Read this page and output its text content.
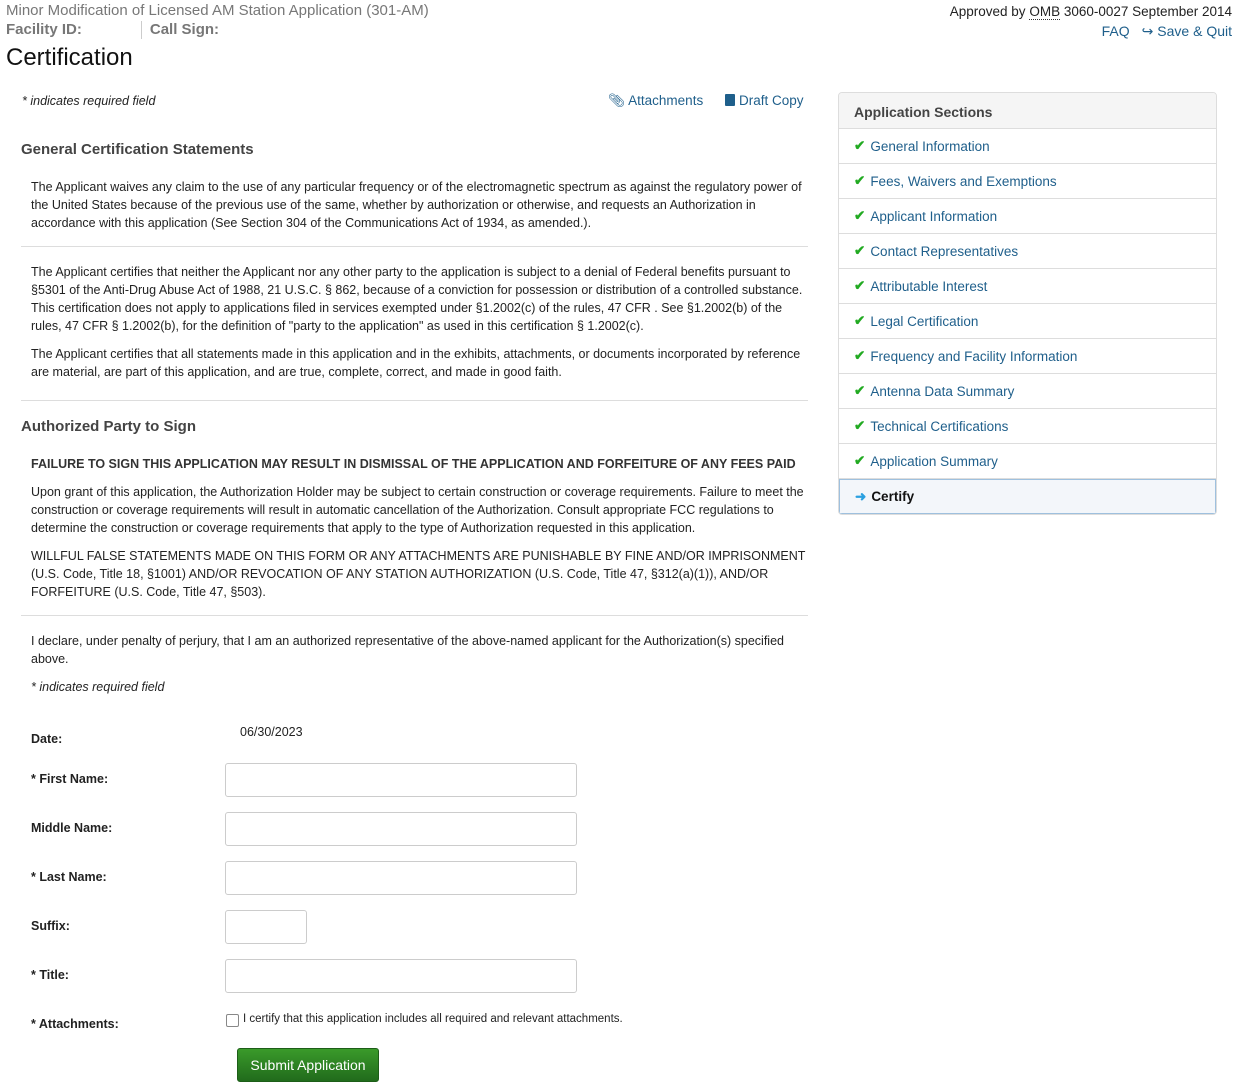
Minor Modification of Licensed AM Station Application (301-AM)
Facility ID:	Call Sign:
Certification
Approved by OMB 3060-0027 September 2014
FAQ ↪ Save & Quit
* indicates required field	📎︎ Attachments	Draft Copy
General Certification Statements
The Applicant waives any claim to the use of any particular frequency or of the electromagnetic spectrum as against the regulatory power of the United States because of the previous use of the same, whether by authorization or otherwise, and requests an Authorization in accordance with this application (See Section 304 of the Communications Act of 1934, as amended.).
The Applicant certifies that neither the Applicant nor any other party to the application is subject to a denial of Federal benefits pursuant to §5301 of the Anti-Drug Abuse Act of 1988, 21 U.S.C. § 862, because of a conviction for possession or distribution of a controlled substance. This certification does not apply to applications filed in services exempted under §1.2002(c) of the rules, 47 CFR . See §1.2002(b) of the rules, 47 CFR § 1.2002(b), for the definition of "party to the application" as used in this certification § 1.2002(c).
The Applicant certifies that all statements made in this application and in the exhibits, attachments, or documents incorporated by reference are material, are part of this application, and are true, complete, correct, and made in good faith.
Authorized Party to Sign
FAILURE TO SIGN THIS APPLICATION MAY RESULT IN DISMISSAL OF THE APPLICATION AND FORFEITURE OF ANY FEES PAID
Upon grant of this application, the Authorization Holder may be subject to certain construction or coverage requirements. Failure to meet the construction or coverage requirements will result in automatic cancellation of the Authorization. Consult appropriate FCC regulations to determine the construction or coverage requirements that apply to the type of Authorization requested in this application.
WILLFUL FALSE STATEMENTS MADE ON THIS FORM OR ANY ATTACHMENTS ARE PUNISHABLE BY FINE AND/OR IMPRISONMENT (U.S. Code, Title 18, §1001) AND/OR REVOCATION OF ANY STATION AUTHORIZATION (U.S. Code, Title 47, §312(a)(1)), AND/OR FORFEITURE (U.S. Code, Title 47, §503).
I declare, under penalty of perjury, that I am an authorized representative of the above-named applicant for the Authorization(s) specified above.
* indicates required field
Date:	06/30/2023
* First Name:
Middle Name:
* Last Name:
Suffix:
* Title:
* Attachments:	I certify that this application includes all required and relevant attachments.
Submit Application
Application Sections
✔ General Information
✔ Fees, Waivers and Exemptions
✔ Applicant Information
✔ Contact Representatives
✔ Attributable Interest
✔ Legal Certification
✔ Frequency and Facility Information
✔ Antenna Data Summary
✔ Technical Certifications
✔ Application Summary
➜ Certify
